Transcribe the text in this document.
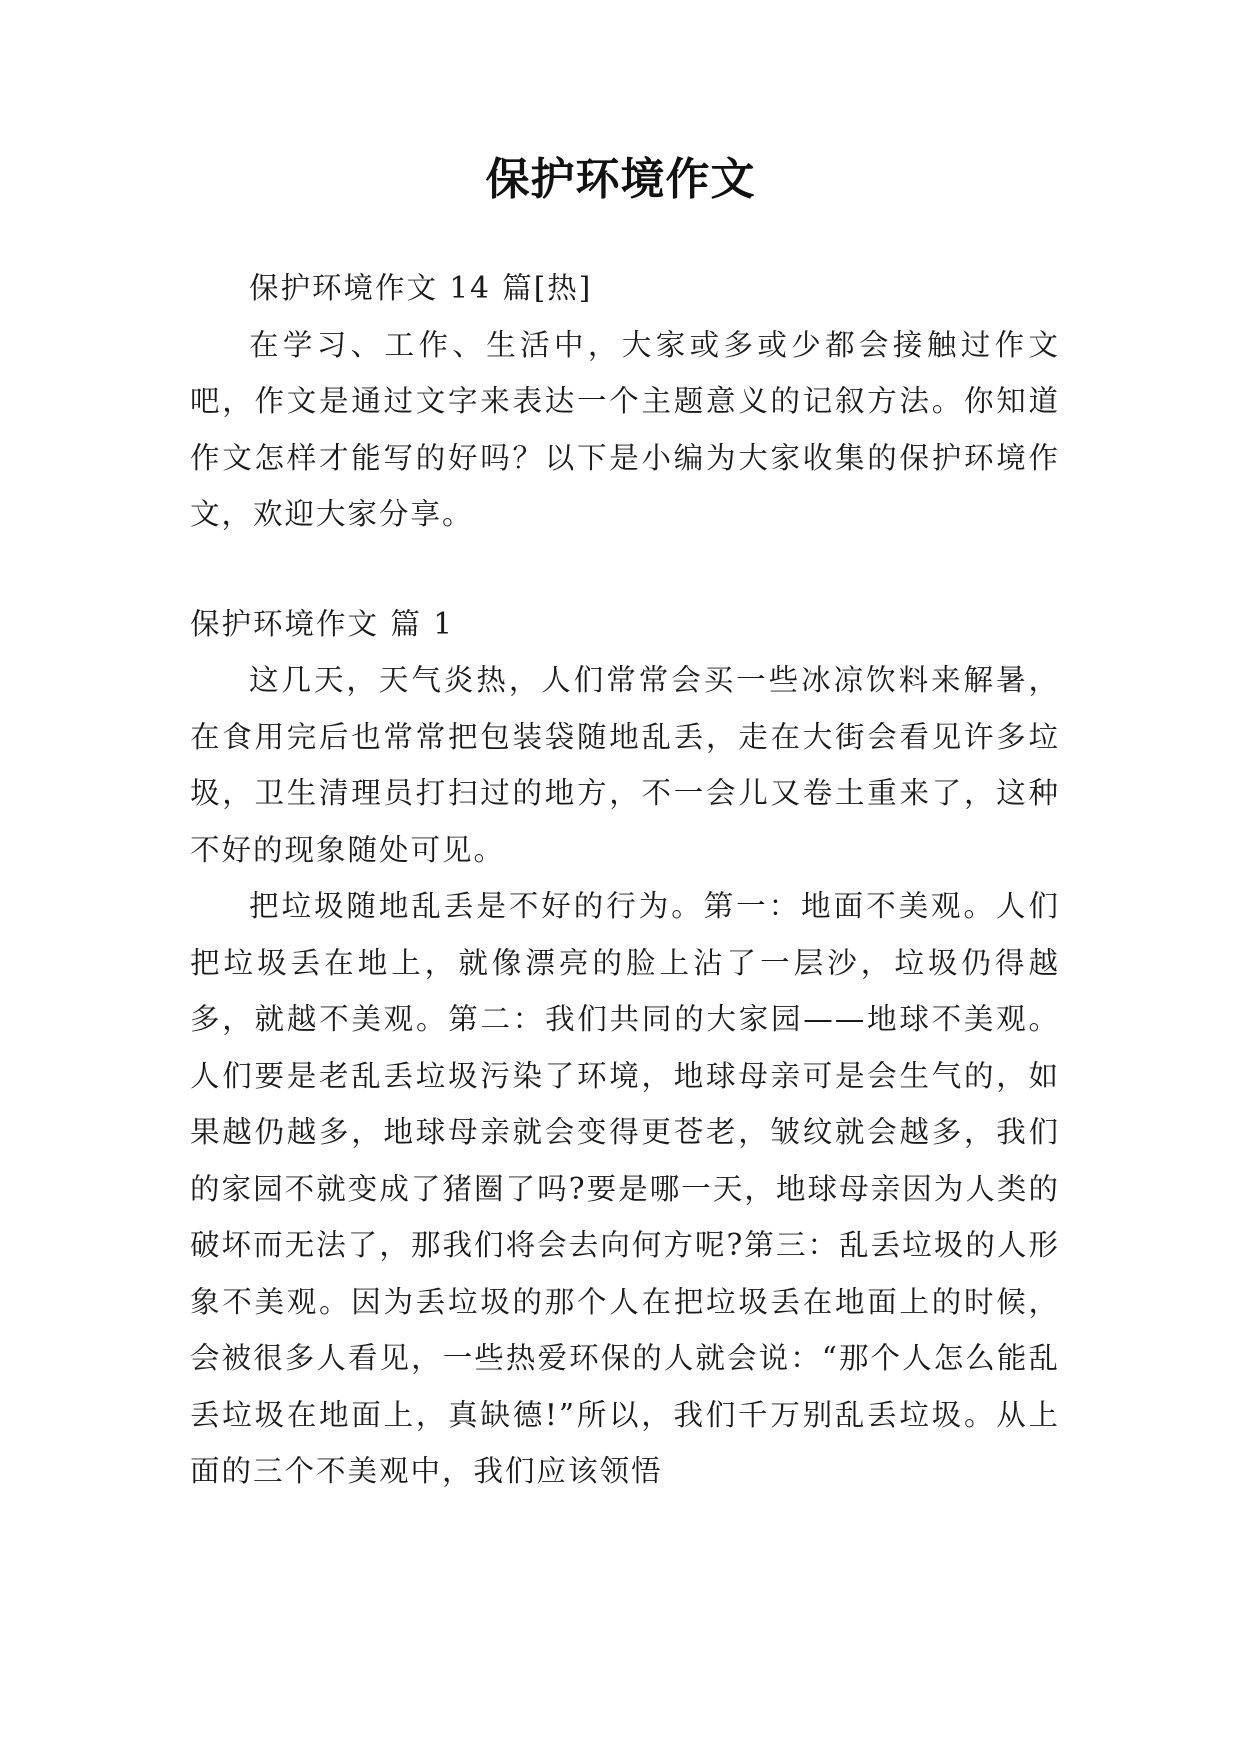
保护环境作文

保护环境作文 14 篇[热]

在学习、工作、生活中，大家或多或少都会接触过作文吧，作文是通过文字来表达一个主题意义的记叙方法。你知道作文怎样才能写的好吗？以下是小编为大家收集的保护环境作文，欢迎大家分享。

保护环境作文 篇 1

这几天，天气炎热，人们常常会买一些冰凉饮料来解暑，在食用完后也常常把包装袋随地乱丢，走在大街会看见许多垃圾，卫生清理员打扫过的地方，不一会儿又卷土重来了，这种不好的现象随处可见。

把垃圾随地乱丢是不好的行为。第一：地面不美观。人们把垃圾丢在地上，就像漂亮的脸上沾了一层沙，垃圾仍得越多，就越不美观。第二：我们共同的大家园——地球不美观。人们要是老乱丢垃圾污染了环境，地球母亲可是会生气的，如果越仍越多，地球母亲就会变得更苍老，皱纹就会越多，我们的家园不就变成了猪圈了吗?要是哪一天，地球母亲因为人类的破坏而无法了，那我们将会去向何方呢?第三：乱丢垃圾的人形象不美观。因为丢垃圾的那个人在把垃圾丢在地面上的时候，会被很多人看见，一些热爱环保的人就会说：“那个人怎么能乱丢垃圾在地面上，真缺德!”所以，我们千万别乱丢垃圾。从上面的三个不美观中，我们应该领悟
